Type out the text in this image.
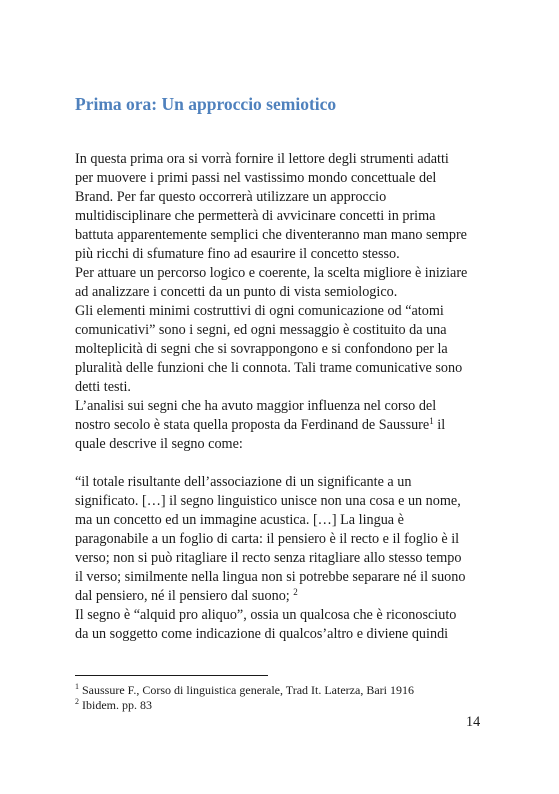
Prima ora: Un approccio semiotico
In questa prima ora si vorrà fornire il lettore degli strumenti adatti
per muovere i primi passi nel vastissimo mondo concettuale del
Brand. Per far questo occorrerà utilizzare un approccio
multidisciplinare che permetterà di avvicinare concetti in prima
battuta apparentemente semplici che diventeranno man mano sempre
più ricchi di sfumature fino ad esaurire il concetto stesso.
Per attuare un percorso logico e coerente, la scelta migliore è iniziare
ad analizzare i concetti da un punto di vista semiologico.
Gli elementi minimi costruttivi di ogni comunicazione od “atomi
comunicativi” sono i segni, ed ogni messaggio è costituito da una
molteplicità di segni che si sovrappongono e si confondono per la
pluralità delle funzioni che li connota. Tali trame comunicative sono
detti testi.
L’analisi sui segni che ha avuto maggior influenza nel corso del
nostro secolo è stata quella proposta da Ferdinand de Saussure$^1$ il
quale descrive il segno come:
“il totale risultante dell’associazione di un significante a un
significato. […] il segno linguistico unisce non una cosa e un nome,
ma un concetto ed un immagine acustica. […] La lingua è
paragonabile a un foglio di carta: il pensiero è il recto e il foglio è il
verso; non si può ritagliare il recto senza ritagliare allo stesso tempo
il verso; similmente nella lingua non si potrebbe separare né il suono
dal pensiero, né il pensiero dal suono; $^2$
Il segno è “alquid pro aliquo”, ossia un qualcosa che è riconosciuto
da un soggetto come indicazione di qualcos’altro e diviene quindi
$^1$ Saussure F., Corso di linguistica generale, Trad It. Laterza, Bari 1916
$^2$ Ibidem. pp. 83
14
